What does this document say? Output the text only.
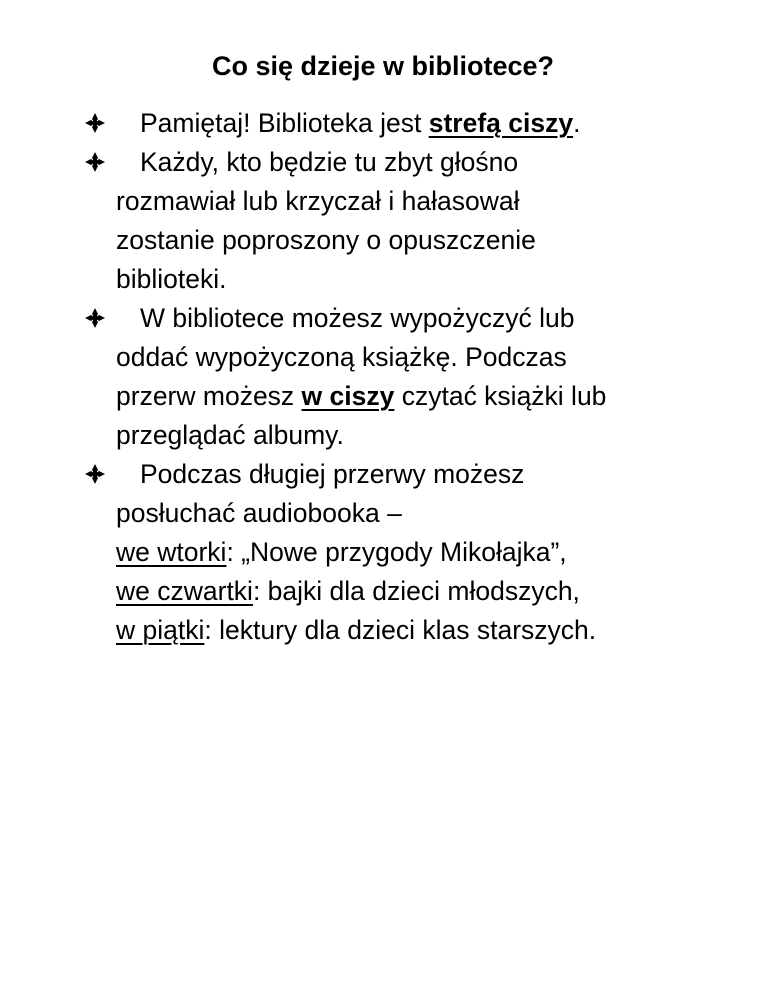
Co się dzieje w bibliotece?
Pamiętaj! Biblioteka jest strefą ciszy.
Każdy, kto będzie tu zbyt głośno
rozmawiał lub krzyczał i hałasował
zostanie poproszony o opuszczenie
biblioteki.
W bibliotece możesz wypożyczyć lub
oddać wypożyczoną książkę. Podczas
przerw możesz w ciszy czytać książki lub
przeglądać albumy.
Podczas długiej przerwy możesz
posłuchać audiobooka –
we wtorki: „Nowe przygody Mikołajka”,
we czwartki: bajki dla dzieci młodszych,
w piątki: lektury dla dzieci klas starszych.
